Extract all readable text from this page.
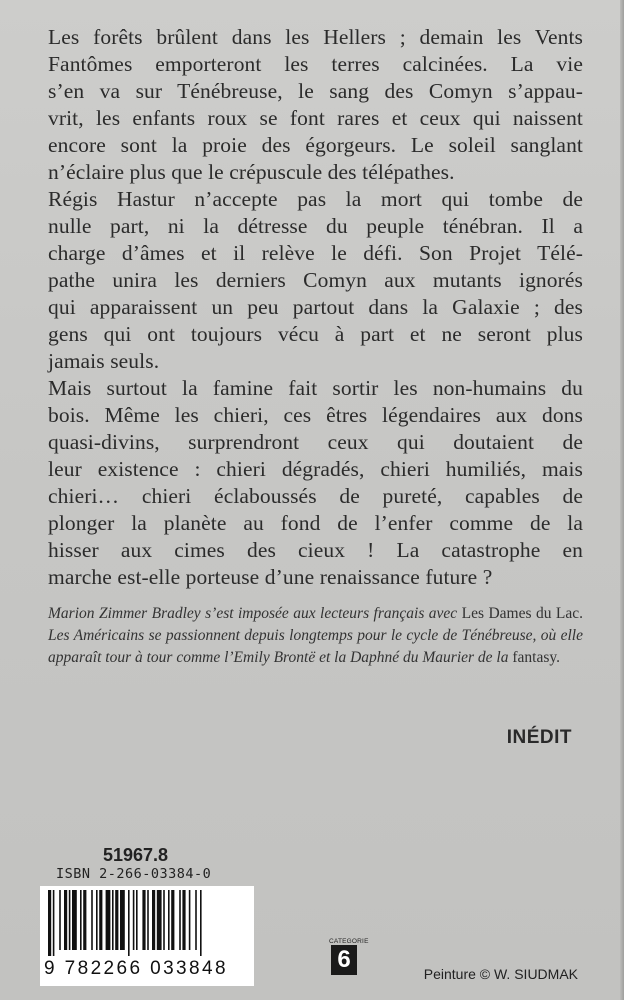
Les forêts brûlent dans les Hellers ; demain les Vents
Fantômes emporteront les terres calcinées. La vie
s’en va sur Ténébreuse, le sang des Comyn s’appau-
vrit, les enfants roux se font rares et ceux qui naissent
encore sont la proie des égorgeurs. Le soleil sanglant
n’éclaire plus que le crépuscule des télépathes.

Régis Hastur n’accepte pas la mort qui tombe de
nulle part, ni la détresse du peuple ténébran. Il a
charge d’âmes et il relève le défi. Son Projet Télé-
pathe unira les derniers Comyn aux mutants ignorés
qui apparaissent un peu partout dans la Galaxie ; des
gens qui ont toujours vécu à part et ne seront plus
jamais seuls.

Mais surtout la famine fait sortir les non-humains du
bois. Même les chieri, ces êtres légendaires aux dons
quasi-divins, surprendront ceux qui doutaient de
leur existence : chieri dégradés, chieri humiliés, mais
chieri… chieri éclaboussés de pureté, capables de
plonger la planète au fond de l’enfer comme de la
hisser aux cimes des cieux ! La catastrophe en
marche est-elle porteuse d’une renaissance future ?

Marion Zimmer Bradley s’est imposée aux lecteurs français avec Les Dames du Lac. Les Américains se passionnent depuis longtemps pour le cycle de Ténébreuse, où elle apparaît tour à tour comme l’Emily Brontë et la Daphné du Maurier de la fantasy.
INÉDIT
51967.8
ISBN 2-266-03384-0
9 782266 033848
CATEGORIE
6
Peinture © W. SIUDMAK
